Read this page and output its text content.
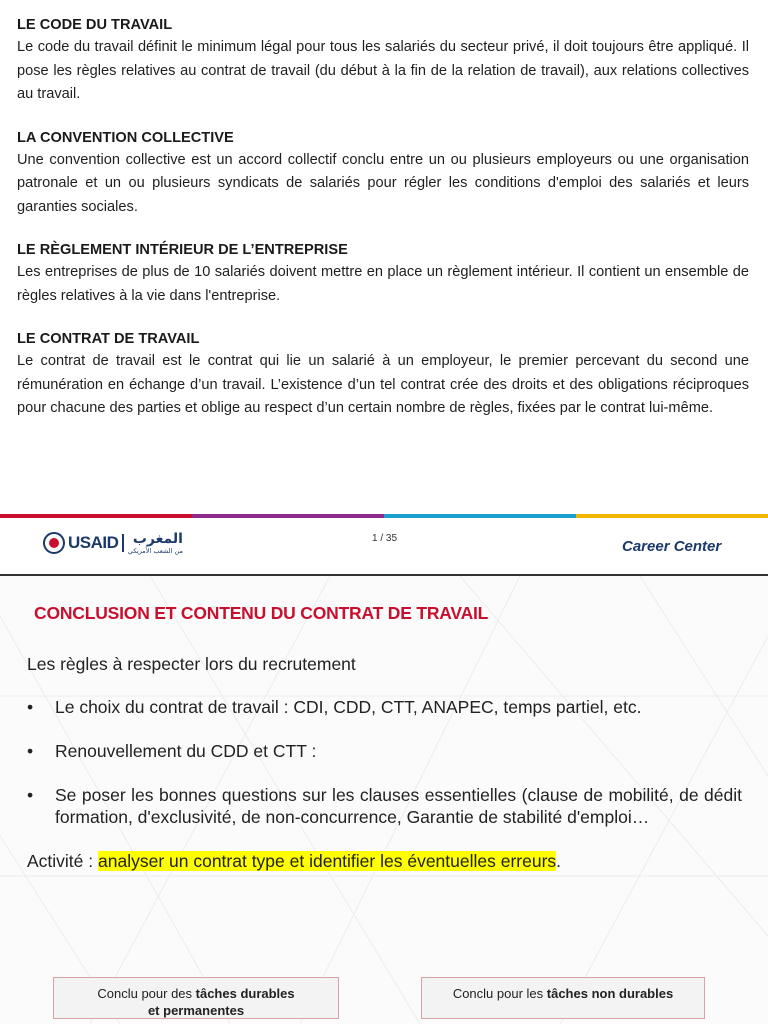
LE CODE DU TRAVAIL

Le code du travail définit le minimum légal pour tous les salariés du secteur privé, il doit toujours être appliqué. Il pose les règles relatives au contrat de travail (du début à la fin de la relation de travail), aux relations collectives au travail.

LA CONVENTION COLLECTIVE

Une convention collective est un accord collectif conclu entre un ou plusieurs employeurs ou une organisation patronale et un ou plusieurs syndicats de salariés pour régler les conditions d'emploi des salariés et leurs garanties sociales.

LE RÈGLEMENT INTÉRIEUR DE L’ENTREPRISE

Les entreprises de plus de 10 salariés doivent mettre en place un règlement intérieur. Il contient un ensemble de règles relatives à la vie dans l'entreprise.

LE CONTRAT DE TRAVAIL

Le contrat de travail est le contrat qui lie un salarié à un employeur, le premier percevant du second une rémunération en échange d’un travail. L’existence d’un tel contrat crée des droits et des obligations réciproques pour chacune des parties et oblige au respect d’un certain nombre de règles, fixées par le contrat lui-même.

USAID	المغرب
من الشعب الأمريكي
1 / 35	Career Center
CONCLUSION ET CONTENU DU CONTRAT DE TRAVAIL

Les règles à respecter lors du recrutement

• Le choix du contrat de travail : CDI, CDD, CTT, ANAPEC, temps partiel, etc.
• Renouvellement du CDD et CTT :
• Se poser les bonnes questions sur les clauses essentielles (clause de mobilité, de dédit formation, d'exclusivité, de non-concurrence, Garantie de stabilité d'emploi…
Activité : analyser un contrat type et identifier les éventuelles erreurs.
Conclu pour des tâches durables
et permanentes
Conclu pour les tâches non durables
